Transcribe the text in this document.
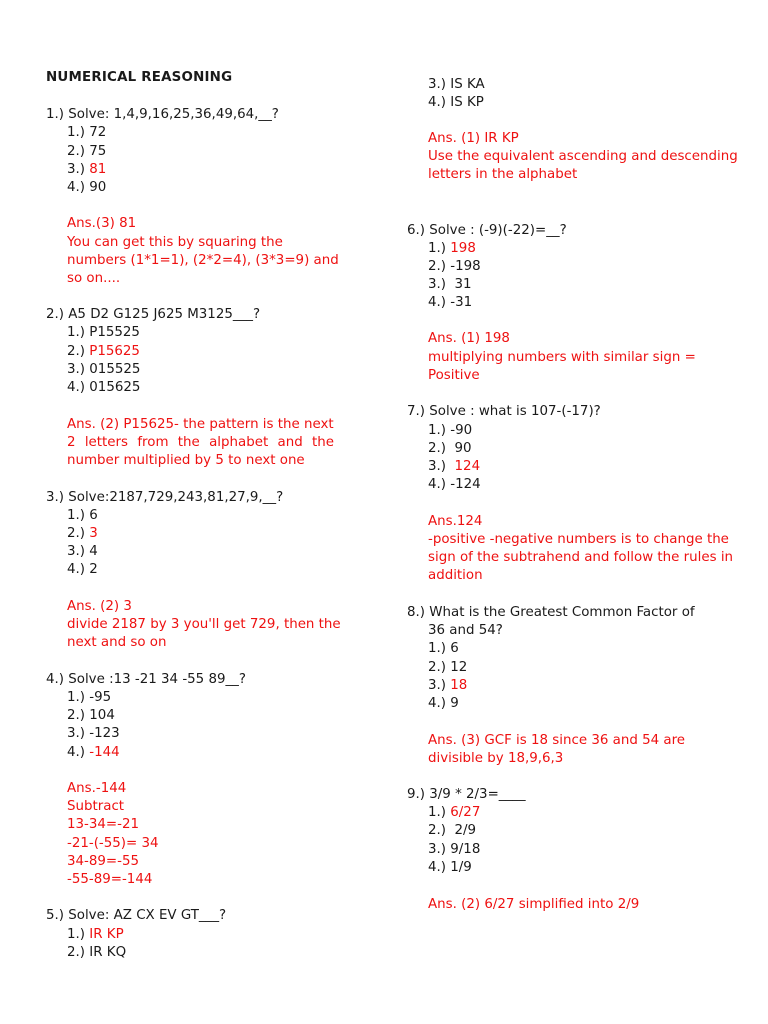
NUMERICAL REASONING
1.) Solve: 1,4,9,16,25,36,49,64,__?
1.) 72
2.) 75
3.) 81
4.) 90
Ans.(3) 81
You can get this by squaring the
numbers (1*1=1), (2*2=4), (3*3=9) and
so on....
2.) A5 D2 G125 J625 M3125___?
1.) P15525
2.) P15625
3.) 015525
4.) 015625
Ans. (2) P15625- the pattern is the next
2 letters from the alphabet and the
number multiplied by 5 to next one
3.) Solve:2187,729,243,81,27,9,__?
1.) 6
2.) 3
3.) 4
4.) 2
Ans. (2) 3
divide 2187 by 3 you'll get 729, then the
next and so on
4.) Solve :13 -21 34 -55 89__?
1.) -95
2.) 104
3.) -123
4.) -144
Ans.-144
Subtract
13-34=-21
-21-(-55)= 34
34-89=-55
-55-89=-144
5.) Solve: AZ CX EV GT___?
1.) IR KP
2.) IR KQ
3.) IS KA
4.) IS KP
Ans. (1) IR KP
Use the equivalent ascending and descending
letters in the alphabet
6.) Solve : (-9)(-22)=__?
1.) 198
2.) -198
3.) 31
4.) -31
Ans. (1) 198
multiplying numbers with similar sign =
Positive
7.) Solve : what is 107-(-17)?
1.) -90
2.) 90
3.) 124
4.) -124
Ans.124
-positive -negative numbers is to change the
sign of the subtrahend and follow the rules in
addition
8.) What is the Greatest Common Factor of
36 and 54?
1.) 6
2.) 12
3.) 18
4.) 9
Ans. (3) GCF is 18 since 36 and 54 are
divisible by 18,9,6,3
9.) 3/9 * 2/3=____
1.) 6/27
2.) 2/9
3.) 9/18
4.) 1/9
Ans. (2) 6/27 simplified into 2/9
